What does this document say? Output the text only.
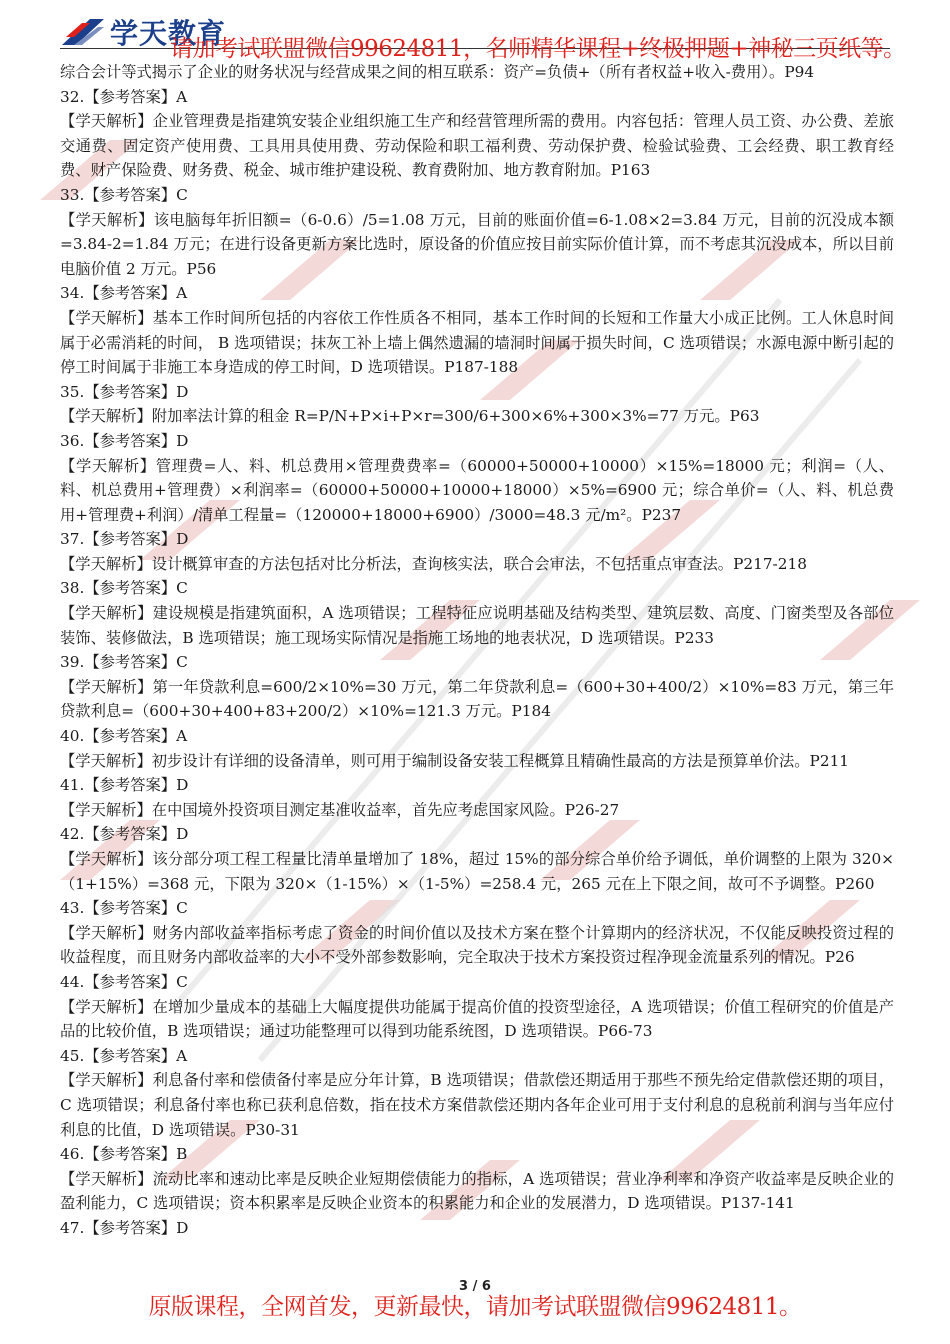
学天教育
请加考试联盟微信99624811，名师精华课程+终极押题+神秘三页纸等。

综合会计等式揭示了企业的财务状况与经营成果之间的相互联系：资产=负债+（所有者权益+收入-费用）。P94

32.【参考答案】A

【学天解析】企业管理费是指建筑安装企业组织施工生产和经营管理所需的费用。内容包括：管理人员工资、办公费、差旅交通费、固定资产使用费、工具用具使用费、劳动保险和职工福利费、劳动保护费、检验试验费、工会经费、职工教育经费、财产保险费、财务费、税金、城市维护建设税、教育费附加、地方教育附加。P163

33.【参考答案】C

【学天解析】该电脑每年折旧额=（6-0.6）/5=1.08 万元，目前的账面价值=6-1.08×2=3.84 万元，目前的沉没成本额=3.84-2=1.84 万元；在进行设备更新方案比选时，原设备的价值应按目前实际价值计算，而不考虑其沉没成本，所以目前电脑价值 2 万元。P56

34.【参考答案】A

【学天解析】基本工作时间所包括的内容依工作性质各不相同，基本工作时间的长短和工作量大小成正比例。工人休息时间属于必需消耗的时间， B 选项错误；抹灰工补上墙上偶然遗漏的墙洞时间属于损失时间，C 选项错误；水源电源中断引起的停工时间属于非施工本身造成的停工时间，D 选项错误。P187-188

35.【参考答案】D

【学天解析】附加率法计算的租金 R=P/N+P×i+P×r=300/6+300×6%+300×3%=77 万元。P63

36.【参考答案】D

【学天解析】管理费=人、料、机总费用×管理费费率=（60000+50000+10000）×15%=18000 元；利润=（人、料、机总费用+管理费）×利润率=（60000+50000+10000+18000）×5%=6900 元；综合单价=（人、料、机总费用+管理费+利润）/清单工程量=（120000+18000+6900）/3000=48.3 元/m²。P237

37.【参考答案】D

【学天解析】设计概算审查的方法包括对比分析法，查询核实法，联合会审法，不包括重点审查法。P217-218

38.【参考答案】C

【学天解析】建设规模是指建筑面积，A 选项错误；工程特征应说明基础及结构类型、建筑层数、高度、门窗类型及各部位装饰、装修做法，B 选项错误；施工现场实际情况是指施工场地的地表状况，D 选项错误。P233

39.【参考答案】C

【学天解析】第一年贷款利息=600/2×10%=30 万元，第二年贷款利息=（600+30+400/2）×10%=83 万元，第三年贷款利息=（600+30+400+83+200/2）×10%=121.3 万元。P184

40.【参考答案】A

【学天解析】初步设计有详细的设备清单，则可用于编制设备安装工程概算且精确性最高的方法是预算单价法。P211

41.【参考答案】D

【学天解析】在中国境外投资项目测定基准收益率，首先应考虑国家风险。P26-27

42.【参考答案】D

【学天解析】该分部分项工程工程量比清单量增加了 18%，超过 15%的部分综合单价给予调低，单价调整的上限为 320×（1+15%）=368 元，下限为 320×（1-15%）×（1-5%）=258.4 元，265 元在上下限之间，故可不予调整。P260

43.【参考答案】C

【学天解析】财务内部收益率指标考虑了资金的时间价值以及技术方案在整个计算期内的经济状况，不仅能反映投资过程的收益程度，而且财务内部收益率的大小不受外部参数影响，完全取决于技术方案投资过程净现金流量系列的情况。P26

44.【参考答案】C

【学天解析】在增加少量成本的基础上大幅度提供功能属于提高价值的投资型途径，A 选项错误；价值工程研究的价值是产品的比较价值，B 选项错误；通过功能整理可以得到功能系统图，D 选项错误。P66-73

45.【参考答案】A

【学天解析】利息备付率和偿债备付率是应分年计算，B 选项错误；借款偿还期适用于那些不预先给定借款偿还期的项目，C 选项错误；利息备付率也称已获利息倍数，指在技术方案借款偿还期内各年企业可用于支付利息的息税前利润与当年应付利息的比值，D 选项错误。P30-31

46.【参考答案】B

【学天解析】流动比率和速动比率是反映企业短期偿债能力的指标，A 选项错误；营业净利率和净资产收益率是反映企业的盈利能力，C 选项错误；资本积累率是反映企业资本的积累能力和企业的发展潜力，D 选项错误。P137-141

47.【参考答案】D

3 / 6
原版课程，全网首发，更新最快，请加考试联盟微信99624811。
